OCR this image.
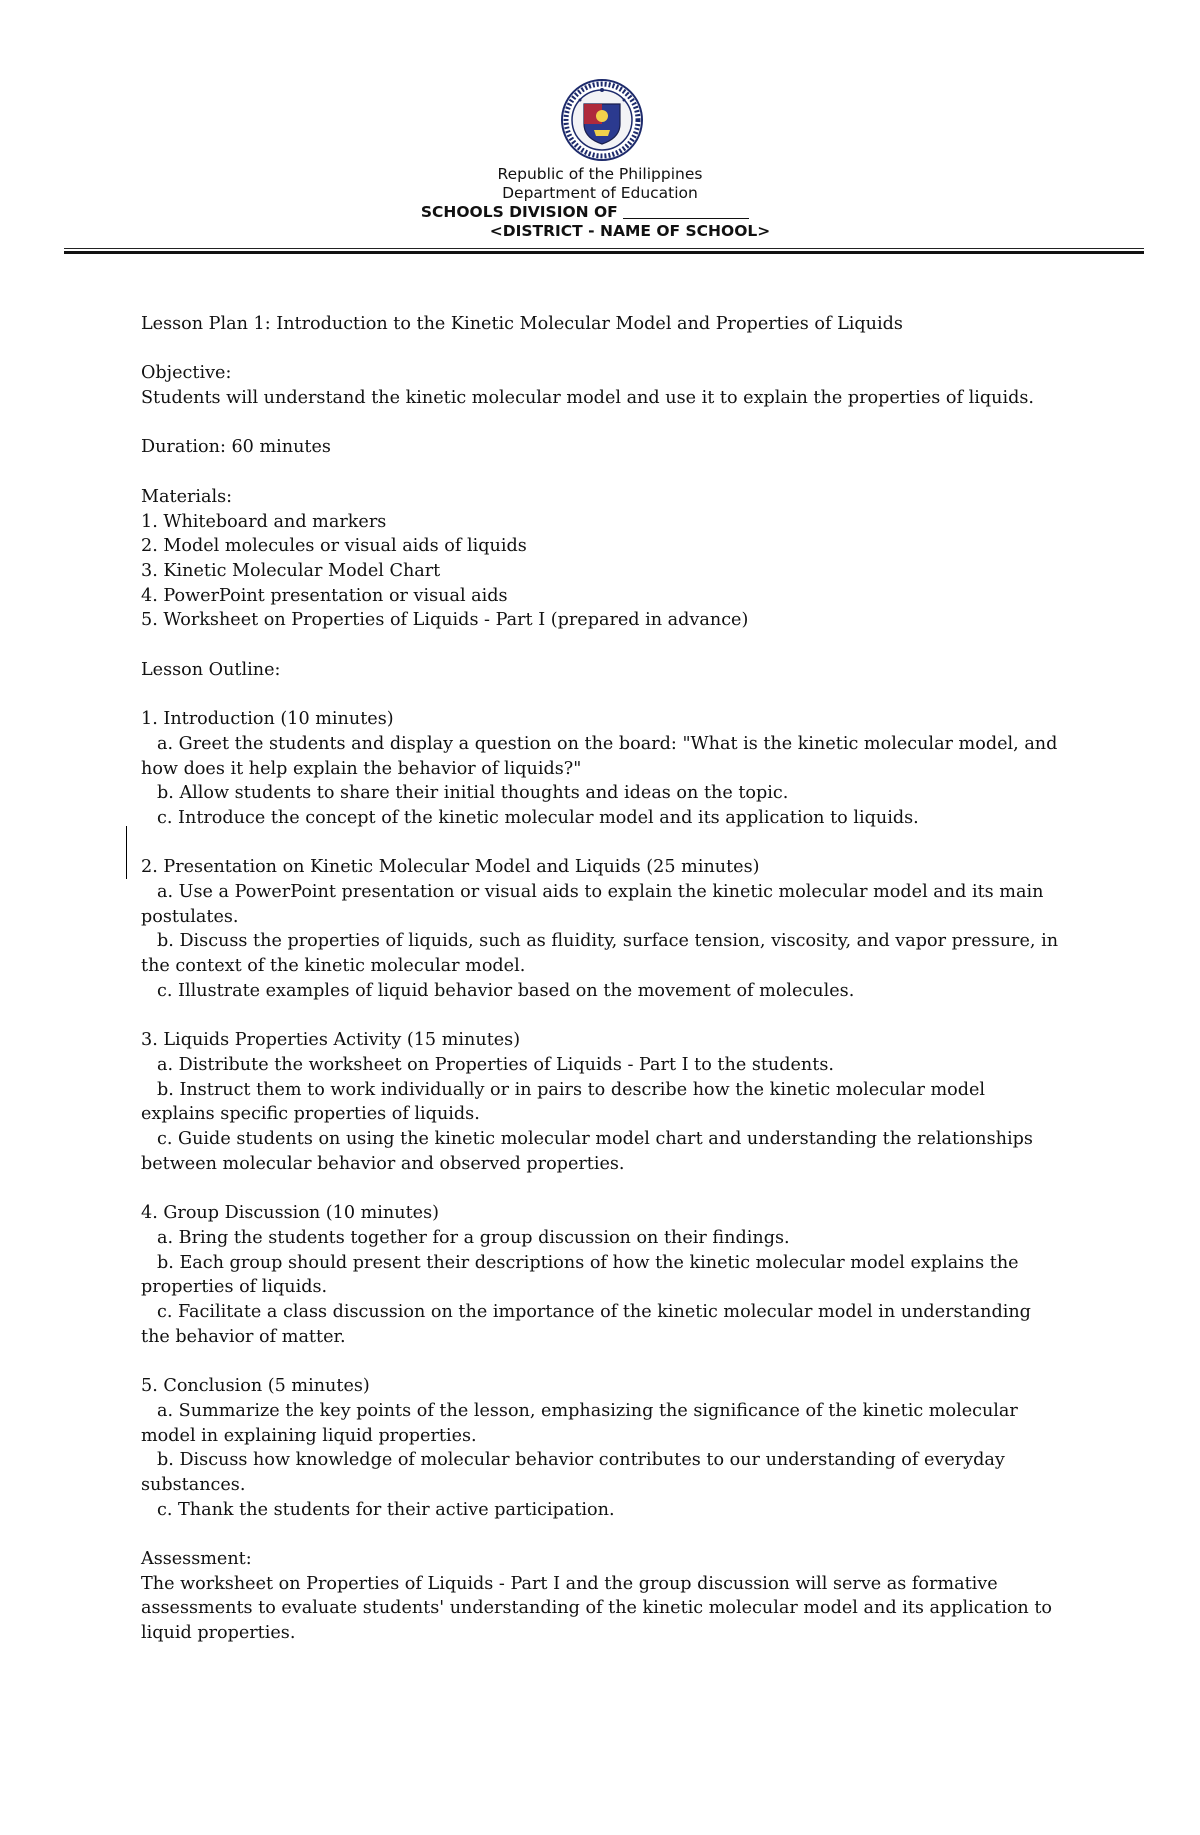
Republic of the Philippines
Department of Education
SCHOOLS DIVISION OF
<DISTRICT - NAME OF SCHOOL>

Lesson Plan 1: Introduction to the Kinetic Molecular Model and Properties of Liquids

Objective:

Students will understand the kinetic molecular model and use it to explain the properties of liquids.

Duration: 60 minutes

Materials:

1. Whiteboard and markers

2. Model molecules or visual aids of liquids

3. Kinetic Molecular Model Chart

4. PowerPoint presentation or visual aids

5. Worksheet on Properties of Liquids - Part I (prepared in advance)

Lesson Outline:

1. Introduction (10 minutes)

a. Greet the students and display a question on the board: "What is the kinetic molecular model, and how does it help explain the behavior of liquids?"

b. Allow students to share their initial thoughts and ideas on the topic.

c. Introduce the concept of the kinetic molecular model and its application to liquids.

2. Presentation on Kinetic Molecular Model and Liquids (25 minutes)

a. Use a PowerPoint presentation or visual aids to explain the kinetic molecular model and its main postulates.

b. Discuss the properties of liquids, such as fluidity, surface tension, viscosity, and vapor pressure, in the context of the kinetic molecular model.

c. Illustrate examples of liquid behavior based on the movement of molecules.

3. Liquids Properties Activity (15 minutes)

a. Distribute the worksheet on Properties of Liquids - Part I to the students.

b. Instruct them to work individually or in pairs to describe how the kinetic molecular model explains specific properties of liquids.

c. Guide students on using the kinetic molecular model chart and understanding the relationships between molecular behavior and observed properties.

4. Group Discussion (10 minutes)

a. Bring the students together for a group discussion on their findings.

b. Each group should present their descriptions of how the kinetic molecular model explains the properties of liquids.

c. Facilitate a class discussion on the importance of the kinetic molecular model in understanding the behavior of matter.

5. Conclusion (5 minutes)

a. Summarize the key points of the lesson, emphasizing the significance of the kinetic molecular model in explaining liquid properties.

b. Discuss how knowledge of molecular behavior contributes to our understanding of everyday substances.

c. Thank the students for their active participation.

Assessment:

The worksheet on Properties of Liquids - Part I and the group discussion will serve as formative assessments to evaluate students' understanding of the kinetic molecular model and its application to liquid properties.
